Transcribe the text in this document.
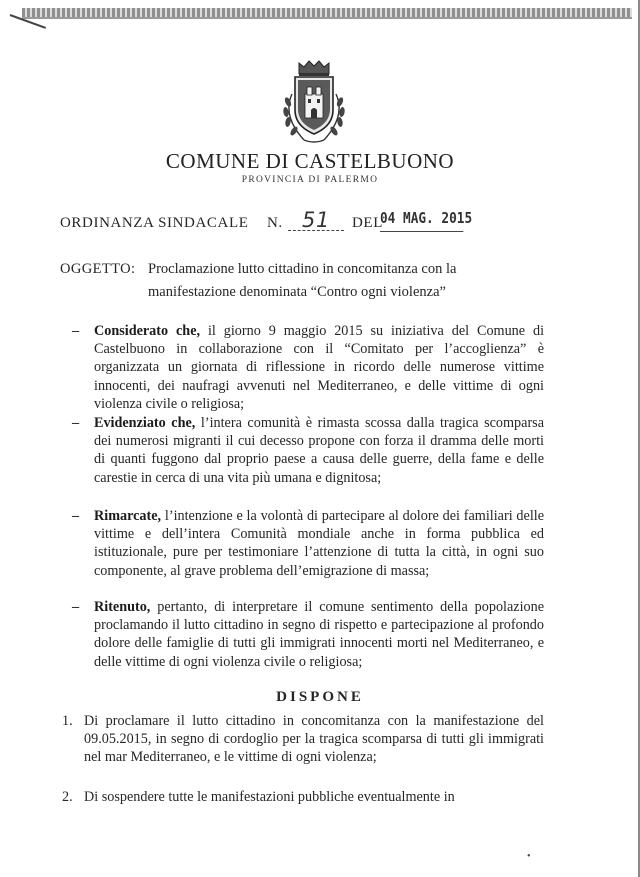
•
COMUNE DI CASTELBUONO
PROVINCIA DI PALERMO
ORDINANZA SINDACALE N. 51	DEL
04 MAG. 2015
OGGETTO: Proclamazione lutto cittadino in concomitanza con la
manifestazione denominata “Contro ogni violenza”
– Considerato che, il giorno 9 maggio 2015 su iniziativa del Comune di Castelbuono in collaborazione con il “Comitato per l’accoglienza” è organizzata un giornata di riflessione in ricordo delle numerose vittime innocenti, dei naufragi avvenuti nel Mediterraneo, e delle vittime di ogni violenza civile o religiosa;
– Evidenziato che, l’intera comunità è rimasta scossa dalla tragica scomparsa dei numerosi migranti il cui decesso propone con forza il dramma delle morti di quanti fuggono dal proprio paese a causa delle guerre, della fame e delle carestie in cerca di una vita più umana e dignitosa;
– Rimarcate, l’intenzione e la volontà di partecipare al dolore dei familiari delle vittime e dell’intera Comunità mondiale anche in forma pubblica ed istituzionale, pure per testimoniare l’attenzione di tutta la città, in ogni suo componente, al grave problema dell’emigrazione di massa;
– Ritenuto, pertanto, di interpretare il comune sentimento della popolazione proclamando il lutto cittadino in segno di rispetto e partecipazione al profondo dolore delle famiglie di tutti gli immigrati innocenti morti nel Mediterraneo, e delle vittime di ogni violenza civile o religiosa;
DISPONE
1. Di proclamare il lutto cittadino in concomitanza con la manifestazione del 09.05.2015, in segno di cordoglio per la tragica scomparsa di tutti gli immigrati nel mar Mediterraneo, e le vittime di ogni violenza;
2. Di sospendere tutte le manifestazioni pubbliche eventualmente in
